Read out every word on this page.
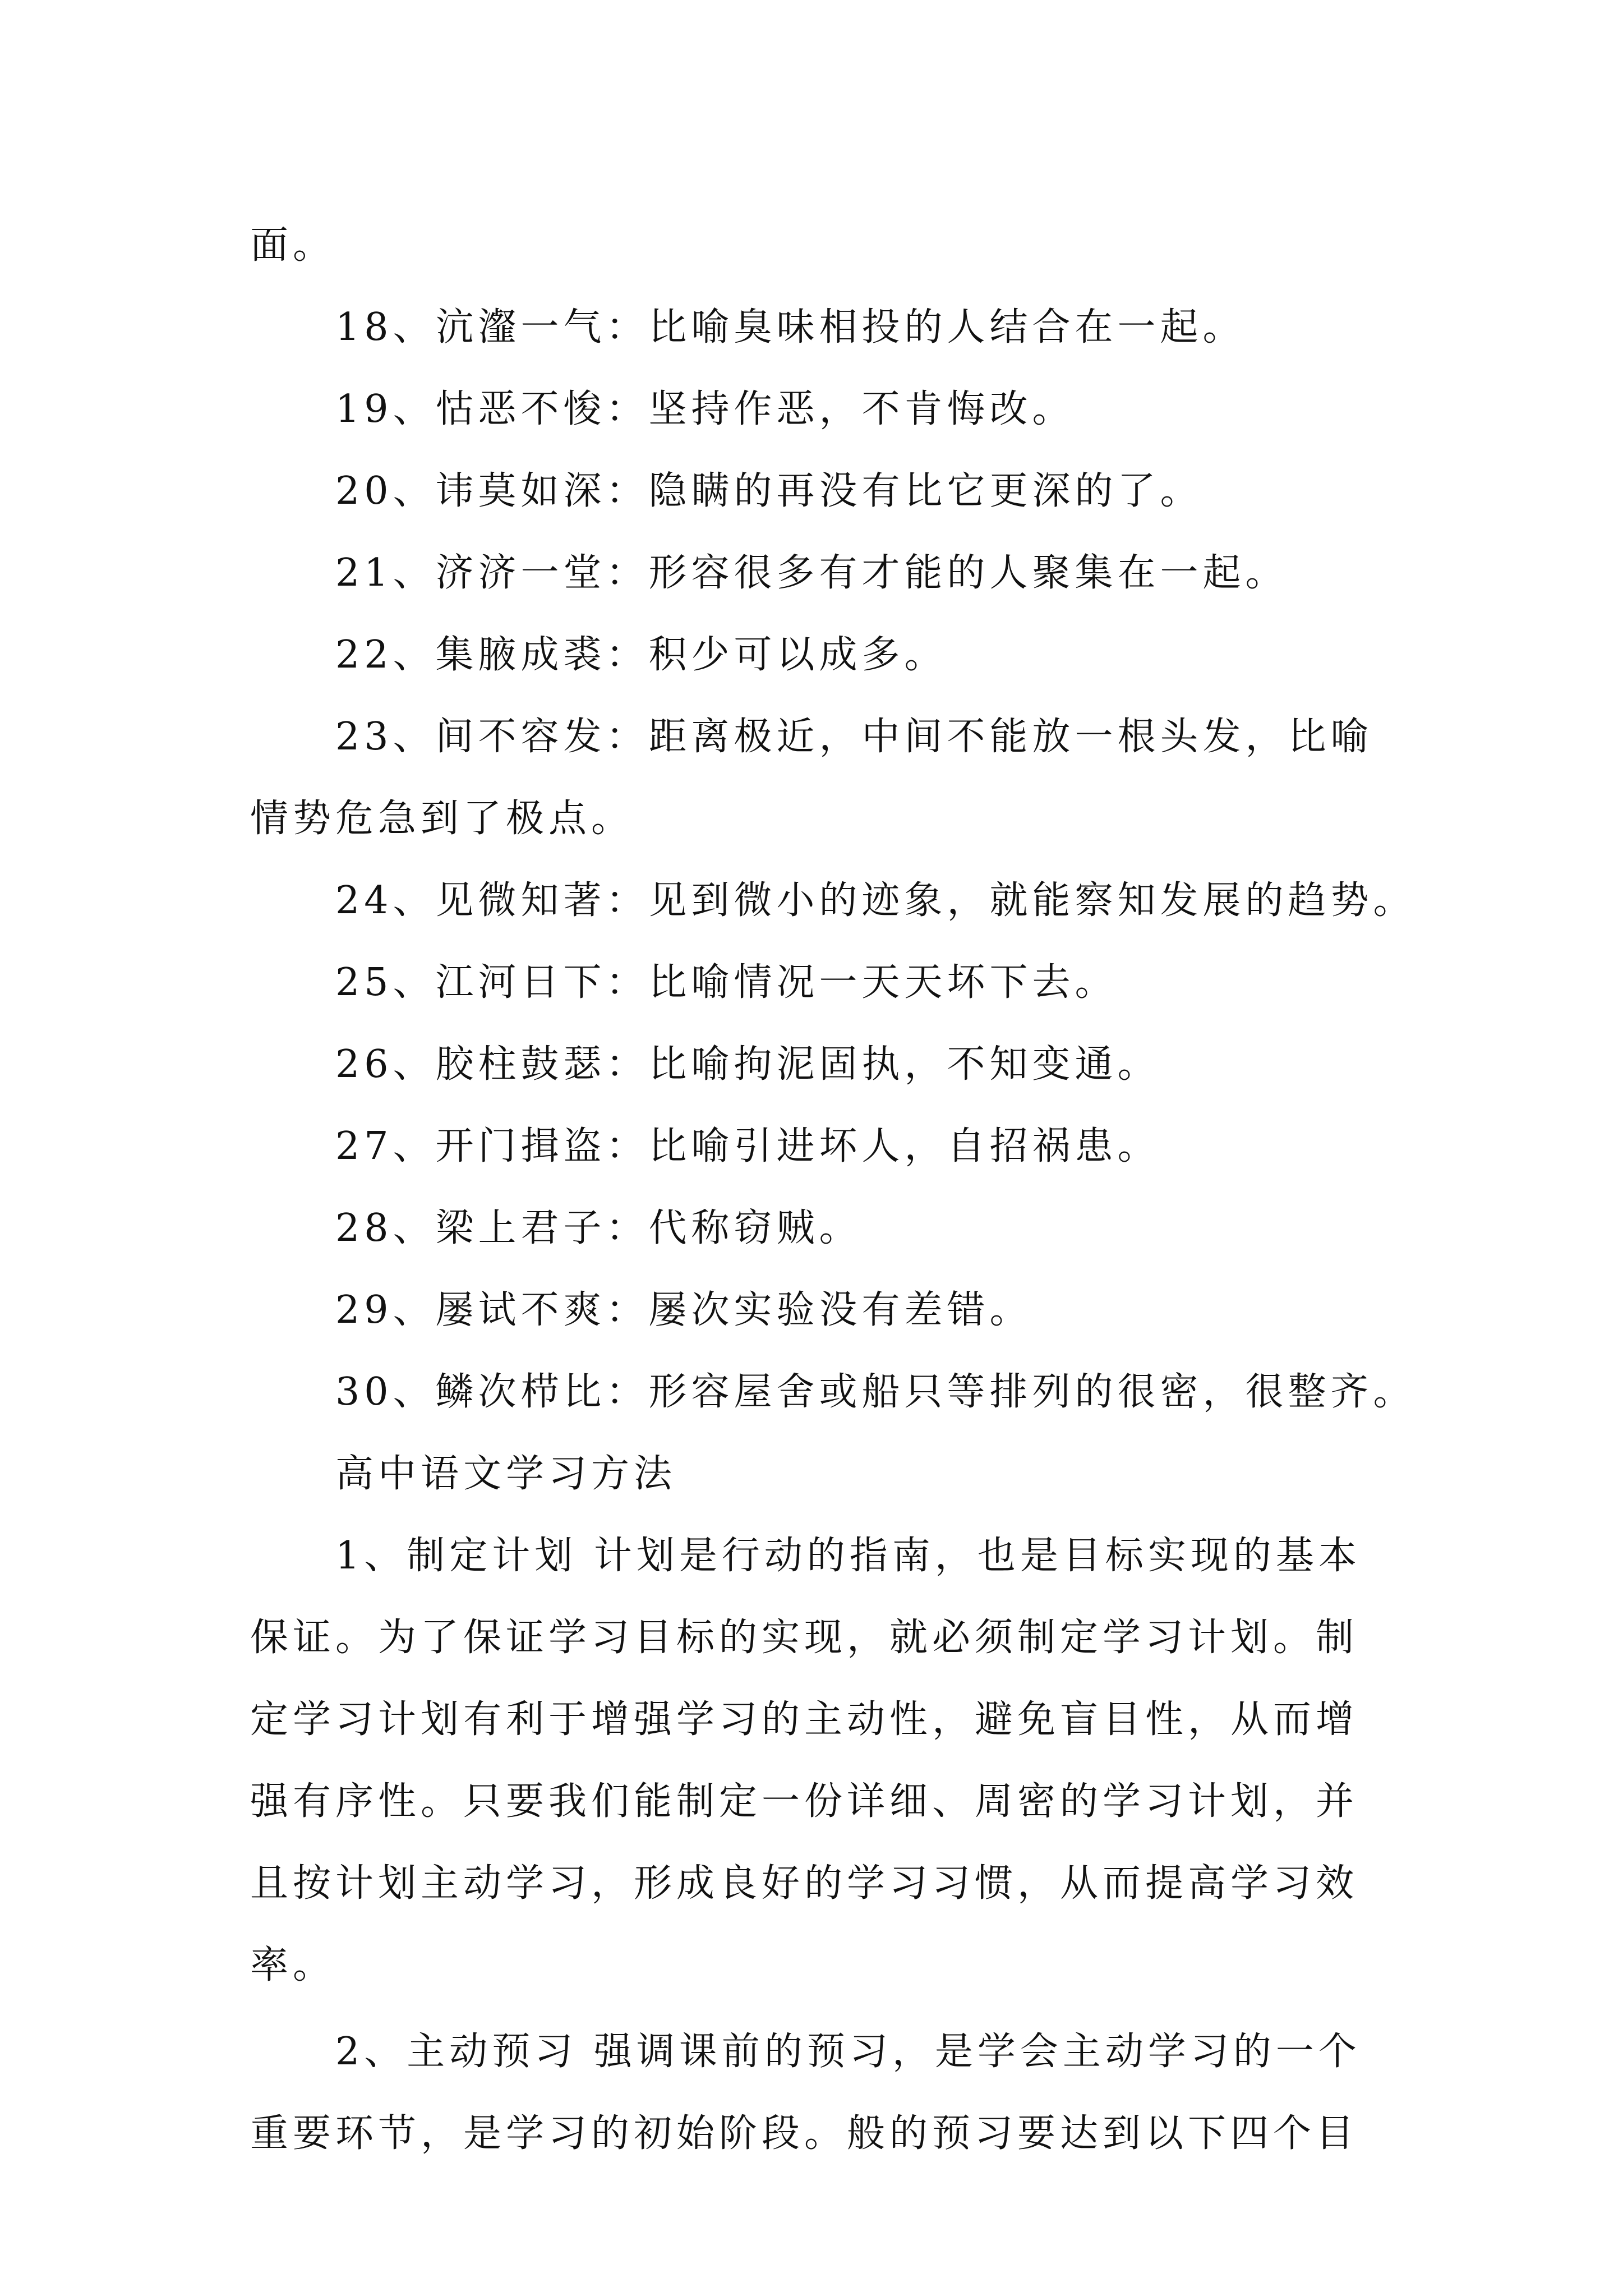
面。
18、沆瀣一气：比喻臭味相投的人结合在一起。
19、怙恶不悛：坚持作恶，不肯悔改。
20、讳莫如深：隐瞒的再没有比它更深的了。
21、济济一堂：形容很多有才能的人聚集在一起。
22、集腋成裘：积少可以成多。
23、间不容发：距离极近，中间不能放一根头发，比喻
情势危急到了极点。
24、见微知著：见到微小的迹象，就能察知发展的趋势。
25、江河日下：比喻情况一天天坏下去。
26、胶柱鼓瑟：比喻拘泥固执，不知变通。
27、开门揖盗：比喻引进坏人，自招祸患。
28、梁上君子：代称窃贼。
29、屡试不爽：屡次实验没有差错。
30、鳞次栉比：形容屋舍或船只等排列的很密，很整齐。
高中语文学习方法
1、制定计划 计划是行动的指南，也是目标实现的基本
保证。为了保证学习目标的实现，就必须制定学习计划。制
定学习计划有利于增强学习的主动性，避免盲目性，从而增
强有序性。只要我们能制定一份详细、周密的学习计划，并
且按计划主动学习，形成良好的学习习惯，从而提高学习效
率。
2、主动预习 强调课前的预习，是学会主动学习的一个
重要环节，是学习的初始阶段。般的预习要达到以下四个目
